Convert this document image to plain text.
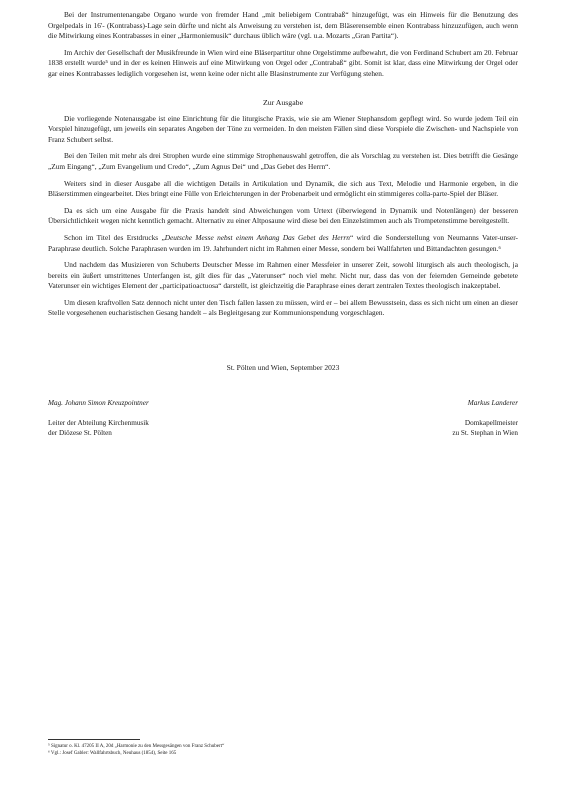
Bei der Instrumentenangabe Organo wurde von fremder Hand „mit beliebigem Contrabaß“ hinzugefügt, was ein Hinweis für die Benutzung des Orgelpedals in 16'- (Kontrabass)-Lage sein dürfte und nicht als Anweisung zu verstehen ist, dem Bläserensemble einen Kontrabass hinzuzufügen, auch wenn die Mitwirkung eines Kontrabasses in einer „Harmoniemusik“ durchaus üblich wäre (vgl. u.a. Mozarts „Gran Partita“).

Im Archiv der Gesellschaft der Musikfreunde in Wien wird eine Bläserpartitur ohne Orgelstimme aufbewahrt, die von Ferdinand Schubert am 20. Februar 1838 erstellt wurde⁵ und in der es keinen Hinweis auf eine Mitwirkung von Orgel oder „Contrabaß“ gibt. Somit ist klar, dass eine Mitwirkung der Orgel oder gar eines Kontrabasses lediglich vorgesehen ist, wenn keine oder nicht alle Blasinstrumente zur Verfügung stehen.

Zur Ausgabe

Die vorliegende Notenausgabe ist eine Einrichtung für die liturgische Praxis, wie sie am Wiener Stephansdom gepflegt wird. So wurde jedem Teil ein Vorspiel hinzugefügt, um jeweils ein separates Angeben der Töne zu vermeiden. In den meisten Fällen sind diese Vorspiele die Zwischen- und Nachspiele von Franz Schubert selbst.

Bei den Teilen mit mehr als drei Strophen wurde eine stimmige Strophenauswahl getroffen, die als Vorschlag zu verstehen ist. Dies betrifft die Gesänge „Zum Eingang“, „Zum Evangelium und Credo“, „Zum Agnus Dei“ und „Das Gebet des Herrn“.

Weiters sind in dieser Ausgabe all die wichtigen Details in Artikulation und Dynamik, die sich aus Text, Melodie und Harmonie ergeben, in die Bläserstimmen eingearbeitet. Dies bringt eine Fülle von Erleichterungen in der Probenarbeit und ermöglicht ein stimmigeres colla-parte-Spiel der Bläser.

Da es sich um eine Ausgabe für die Praxis handelt sind Abweichungen vom Urtext (überwiegend in Dynamik und Notenlängen) der besseren Übersichtlichkeit wegen nicht kenntlich gemacht. Alternativ zu einer Altposaune wird diese bei den Einzelstimmen auch als Trompetenstimme bereitgestellt.

Schon im Titel des Erstdrucks „Deutsche Messe nebst einem Anhang Das Gebet des Herrn“ wird die Sonderstellung von Neumanns Vater-unser-Paraphrase deutlich. Solche Paraphrasen wurden im 19. Jahrhundert nicht im Rahmen einer Messe, sondern bei Wallfahrten und Bittandachten gesungen.⁶

Und nachdem das Musizieren von Schuberts Deutscher Messe im Rahmen einer Messfeier in unserer Zeit, sowohl liturgisch als auch theologisch, ja bereits ein äußert umstrittenes Unterfangen ist, gilt dies für das „Vaterunser“ noch viel mehr. Nicht nur, dass das von der feiernden Gemeinde gebetete Vaterunser ein wichtiges Element der „participatioactuosa“ darstellt, ist gleichzeitig die Paraphrase eines derart zentralen Textes theologisch inakzeptabel.

Um diesen kraftvollen Satz dennoch nicht unter den Tisch fallen lassen zu müssen, wird er – bei allem Bewusstsein, dass es sich nicht um einen an dieser Stelle vorgesehenen eucharistischen Gesang handelt – als Begleitgesang zur Kommunionspendung vorgeschlagen.

St. Pölten und Wien, September 2023
Mag. Johann Simon Kreuzpointner
Leiter der Abteilung Kirchenmusik
der Diözese St. Pölten
Markus Landerer
Domkapellmeister
zu St. Stephan in Wien
⁵ Signatur o. Kl. 47205 II A, 20d „Harmonie zu den Messgesängen von Franz Schubert“
⁶ Vgl.: Josef Gabler: Wallfahrtsbuch, Neuhaus (1854), Seite 165
